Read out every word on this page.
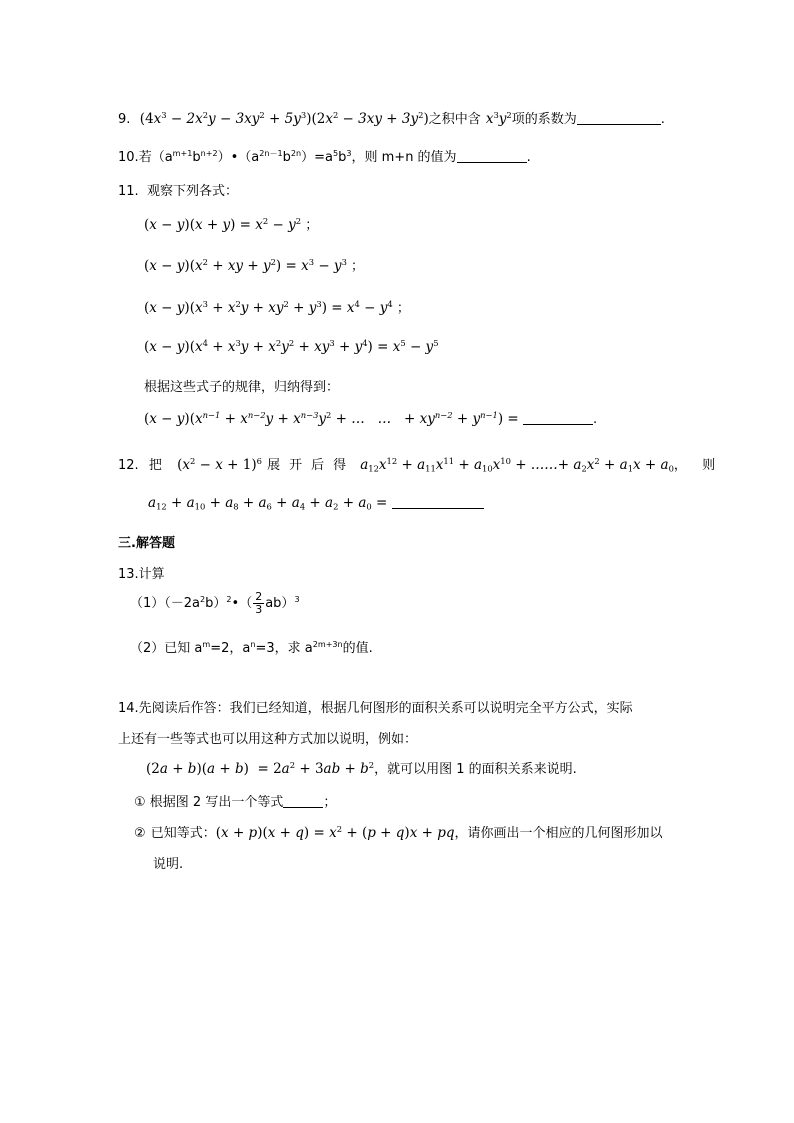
9. $(4x^3 - 2x^2y - 3xy^2 + 5y^3)(2x^2 - 3xy + 3y^2)$之积中含 $x^3y^2$项的系数为	.
10.若$(a^{m+1}b^{n+2})•(a^{2n-1}b^{2n})=a^5b^3$，则 m+n 的值为	.
11. 观察下列各式：
$(x - y)(x + y) = x^2 - y^2$ ；
$(x - y)(x^2$ + xy + $y^2) = x^3 - y^3$ ；
$(x - y)(x^3 + x^2y + xy^2 + y^3) = x^4 - y^4$ ；
$(x - y)(x^4 + x^3y + x^2y^2 + xy^3 + y^4) = x^5 - y^5$
根据这些式子的规律，归纳得到：
$(x - y)(x^{n-1} + x^{n-2}y + x^{n-3}y^2$ + …   …   + $xy^{n-2} + y^{n-1}$) =	.
12. 把 $(x^2 - x + 1)^6$ 展 开 后 得 $a_{12}x^{12} + a_{11}x^{11} + a_{10}x^{10}$ + ……+ $a_2x^2 + a_1x + a_0$， 则
$a_{12} + a_{10} + a_8 + a_6 + a_4 + a_2 + a_0$ =
三.解答题
13.计算
$(1)(-2a^2b)^2•( \frac{2}{3} ab)^3$
（2）已知 $a^m=2$，$a^n=3$，求 $a^{2m+3n}$的值.
14.先阅读后作答：我们已经知道，根据几何图形的面积关系可以说明完全平方公式，实际
上还有一些等式也可以用这种方式加以说明，例如：
$(2a + b)(a + b) = 2a^2 + 3ab + b^2$，就可以用图 1 的面积关系来说明.
① 根据图 2 写出一个等式	；
② 已知等式：$(x + p)(x + q) = x^2 + (p + q)x$ + pq，请你画出一个相应的几何图形加以
说明.
